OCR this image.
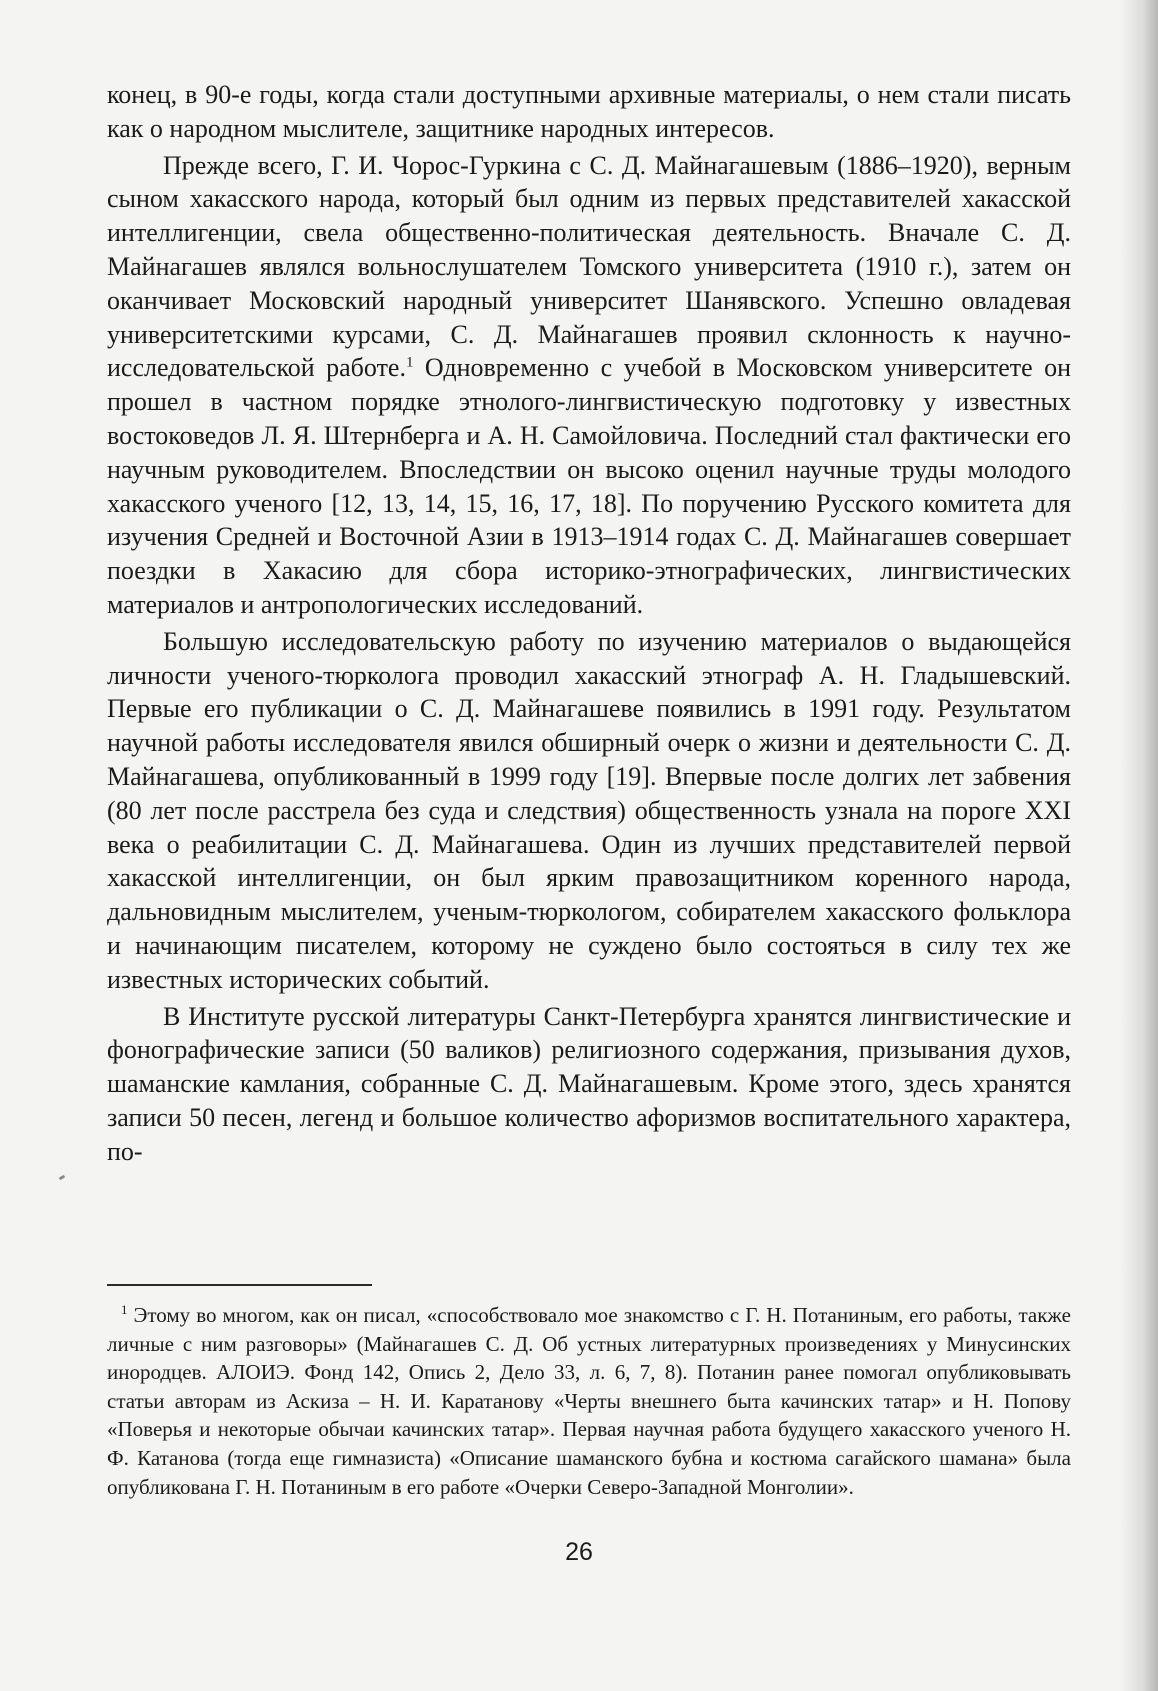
конец, в 90-е годы, когда стали доступными архивные материалы, о нем стали писать как о народном мыслителе, защитнике народных интересов.

Прежде всего, Г. И. Чорос-Гуркина с С. Д. Майнагашевым (1886–1920), верным сыном хакасского народа, который был одним из первых представителей хакасской интеллигенции, свела общественно-политическая деятельность. Вначале С. Д. Майнагашев являлся вольнослушателем Томского университета (1910 г.), затем он оканчивает Московский народный университет Шанявского. Успешно овладевая университетскими курсами, С. Д. Майнагашев проявил склонность к научно-исследовательской работе.$^1$ Одновременно с учебой в Московском университете он прошел в частном порядке этнолого-лингвистическую подготовку у известных востоковедов Л. Я. Штернберга и А. Н. Самойловича. Последний стал фактически его научным руководителем. Впоследствии он высоко оценил научные труды молодого хакасского ученого [12, 13, 14, 15, 16, 17, 18]. По поручению Русского комитета для изучения Средней и Восточной Азии в 1913–1914 годах С. Д. Майнагашев совершает поездки в Хакасию для сбора историко-этнографических, лингвистических материалов и антропологических исследований.

Большую исследовательскую работу по изучению материалов о выдающейся личности ученого-тюрколога проводил хакасский этнограф А. Н. Гладышевский. Первые его публикации о С. Д. Майнагашеве появились в 1991 году. Результатом научной работы исследователя явился обширный очерк о жизни и деятельности С. Д. Майнагашева, опубликованный в 1999 году [19]. Впервые после долгих лет забвения (80 лет после расстрела без суда и следствия) общественность узнала на пороге XXI века о реабилитации С. Д. Майнагашева. Один из лучших представителей первой хакасской интеллигенции, он был ярким правозащитником коренного народа, дальновидным мыслителем, ученым-тюркологом, собирателем хакасского фольклора и начинающим писателем, которому не суждено было состояться в силу тех же известных исторических событий.

В Институте русской литературы Санкт-Петербурга хранятся лингвистические и фонографические записи (50 валиков) религиозного содержания, призывания духов, шаманские камлания, собранные С. Д. Майнагашевым. Кроме этого, здесь хранятся записи 50 песен, легенд и большое количество афоризмов воспитательного характера, по-

$^1$ Этому во многом, как он писал, «способствовало мое знакомство с Г. Н. Потаниным, его работы, также личные с ним разговоры» (Майнагашев С. Д. Об устных литературных произведениях у Минусинских инородцев. АЛОИЭ. Фонд 142, Опись 2, Дело 33, л. 6, 7, 8). Потанин ранее помогал опубликовывать статьи авторам из Аскиза – Н. И. Каратанову «Черты внешнего быта качинских татар» и Н. Попову «Поверья и некоторые обычаи качинских татар». Первая научная работа будущего хакасского ученого Н. Ф. Катанова (тогда еще гимназиста) «Описание шаманского бубна и костюма сагайского шамана» была опубликована Г. Н. Потаниным в его работе «Очерки Северо-Западной Монголии».

26
